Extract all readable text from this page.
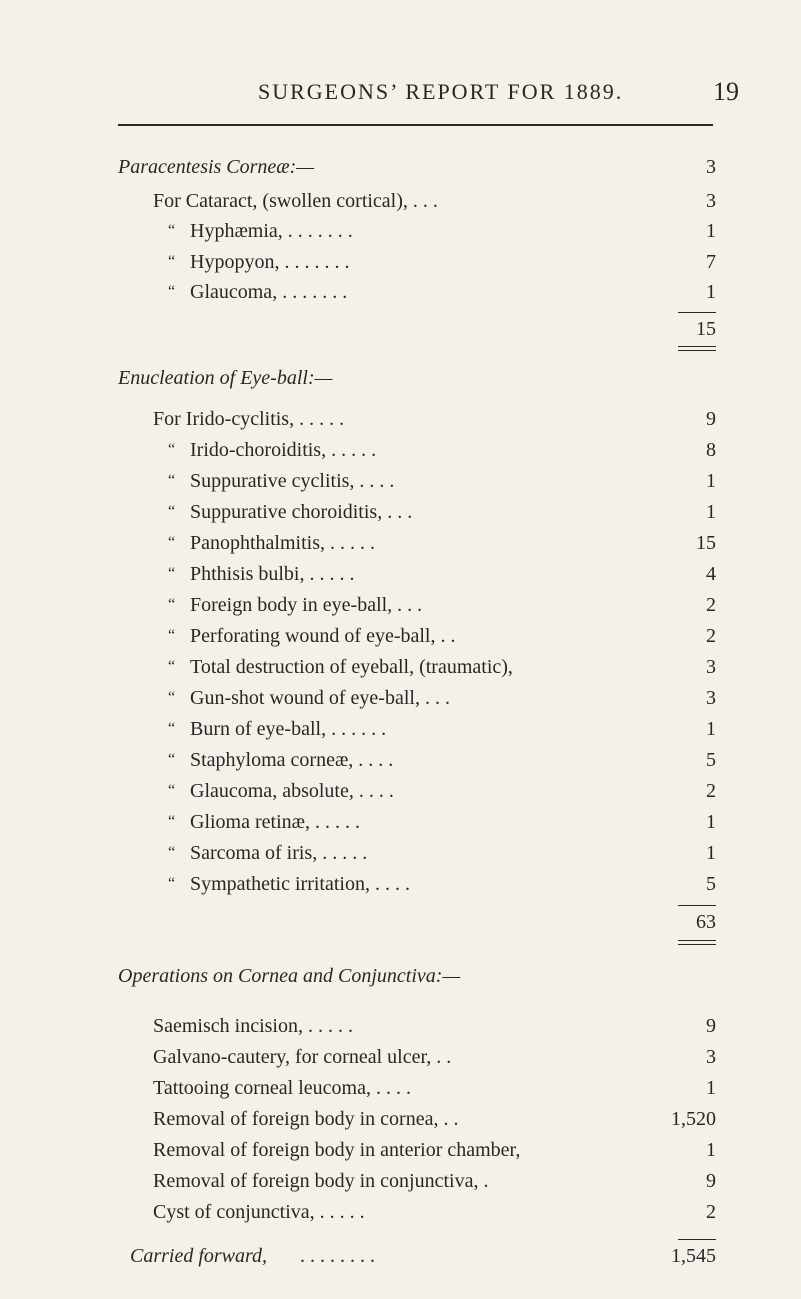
SURGEONS’ REPORT FOR 1889.	19
Paracentesis Corneæ:—	3
For Cataract, (swollen cortical), . . .	3
“ Hyphæmia, . . . . . . .	1
“ Hypopyon, . . . . . . .	7
“ Glaucoma, . . . . . . .	1
15
Enucleation of Eye-ball:—
For Irido-cyclitis, . . . . .	9
“ Irido-choroiditis, . . . . .	8
“ Suppurative cyclitis, . . . .	1
“ Suppurative choroiditis, . . .	1
“ Panophthalmitis, . . . . .	15
“ Phthisis bulbi, . . . . .	4
“ Foreign body in eye-ball, . . .	2
“ Perforating wound of eye-ball, . .	2
“ Total destruction of eyeball, (traumatic),	3
“ Gun-shot wound of eye-ball, . . .	3
“ Burn of eye-ball, . . . . . .	1
“ Staphyloma corneæ, . . . .	5
“ Glaucoma, absolute, . . . .	2
“ Glioma retinæ, . . . . .	1
“ Sarcoma of iris, . . . . .	1
“ Sympathetic irritation, . . . .	5
63
Operations on Cornea and Conjunctiva:—
Saemisch incision, . . . . .	9
Galvano-cautery, for corneal ulcer, . .	3
Tattooing corneal leucoma, . . . .	1
Removal of foreign body in cornea, . .	1,520
Removal of foreign body in anterior chamber,	1
Removal of foreign body in conjunctiva, .	9
Cyst of conjunctiva, . . . . .	2
Carried forward, . . . . . . . .	1,545
